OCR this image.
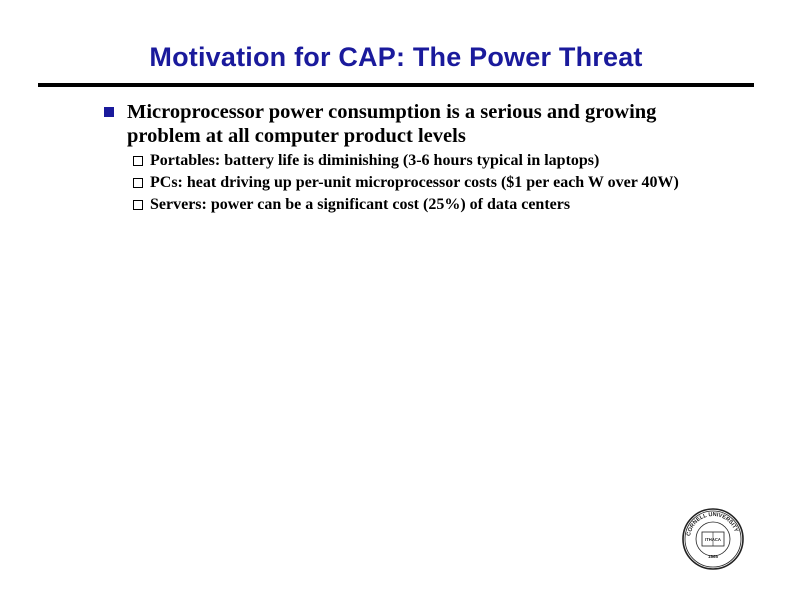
Motivation for CAP: The Power Threat
Microprocessor power consumption is a serious and growing problem at all computer product levels
Portables: battery life is diminishing (3-6 hours typical in laptops)
PCs: heat driving up per-unit microprocessor costs ($1 per each W over 40W)
Servers: power can be a significant cost (25%) of data centers
CORNELL UNIVERSITY
ITHACA
1865
